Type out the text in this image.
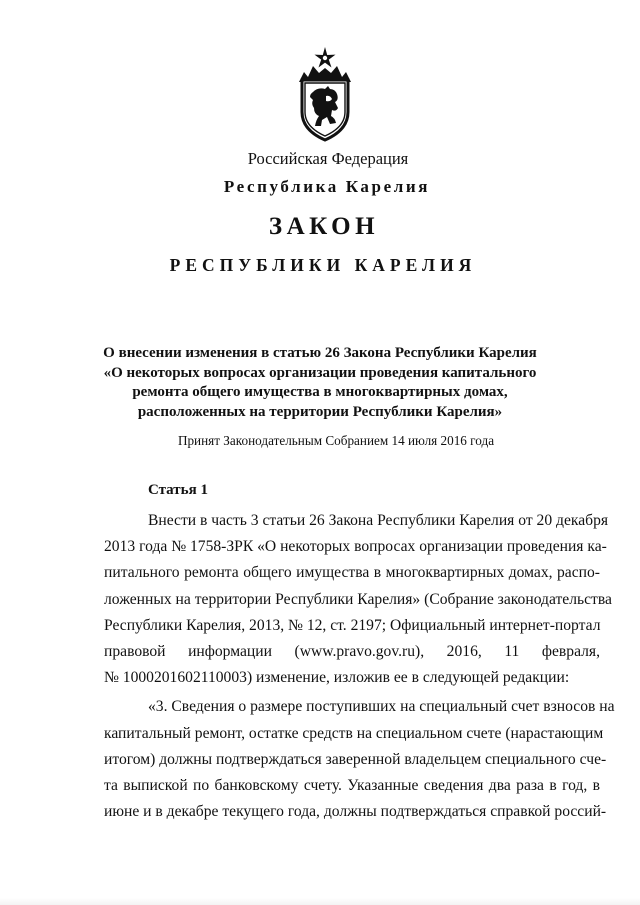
Российская Федерация
Республика Карелия
ЗАКОН
РЕСПУБЛИКИ КАРЕЛИЯ
О внесении изменения в статью 26 Закона Республики Карелия
«О некоторых вопросах организации проведения капитального
ремонта общего имущества в многоквартирных домах,
расположенных на территории Республики Карелия»
Принят Законодательным Собранием 14 июля 2016 года
Статья 1
Внести в часть 3 статьи 26 Закона Республики Карелия от 20 декабря
2013 года № 1758-ЗРК «О некоторых вопросах организации проведения ка-
питального ремонта общего имущества в многоквартирных домах, распо-
ложенных на территории Республики Карелия» (Собрание законодательства
Республики Карелия, 2013, № 12, ст. 2197; Официальный интернет-портал
правовой информации (www.pravo.gov.ru), 2016, 11 февраля,
№ 1000201602110003) изменение, изложив ее в следующей редакции:
«3. Сведения о размере поступивших на специальный счет взносов на
капитальный ремонт, остатке средств на специальном счете (нарастающим
итогом) должны подтверждаться заверенной владельцем специального сче-
та выпиской по банковскому счету. Указанные сведения два раза в год, в
июне и в декабре текущего года, должны подтверждаться справкой россий-
